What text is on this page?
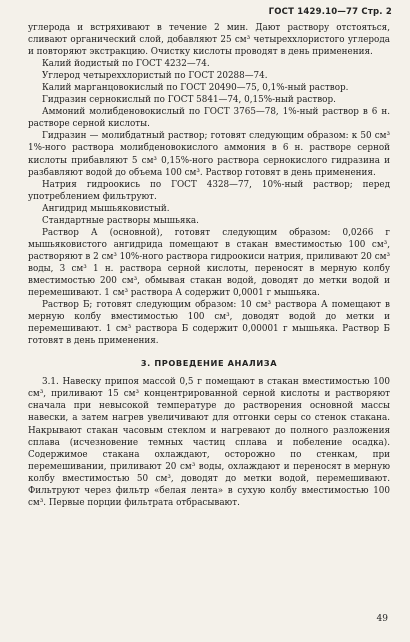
ГОСТ 1429.10—77 Стр. 2

углерода и встряхивают в течение 2 мин. Дают раствору отстояться, сливают органический слой, добавляют 25 см³ четыреххлористого углерода и повторяют экстракцию. Очистку кислоты проводят в день применения.

Калий йодистый по ГОСТ 4232—74.

Углерод четыреххлористый по ГОСТ 20288—74.

Калий марганцовокислый по ГОСТ 20490—75, 0,1%-ный раствор.

Гидразин сернокислый по ГОСТ 5841—74, 0,15%-ный раствор.

Аммоний молибденовокислый по ГОСТ 3765—78, 1%-ный раствор в 6 н. растворе серной кислоты.

Гидразин — молибдатный раствор; готовят следующим образом: к 50 см³ 1%-ного раствора молибденовокислого аммония в 6 н. растворе серной кислоты прибавляют 5 см³ 0,15%-ного раствора сернокислого гидразина и разбавляют водой до объема 100 см³. Раствор готовят в день применения.

Натрия гидроокись по ГОСТ 4328—77, 10%-ный раствор; перед употреблением фильтруют.

Ангидрид мышьяковистый.

Стандартные растворы мышьяка.

Раствор А (основной), готовят следующим образом: 0,0266 г мышьяковистого ангидрида помещают в стакан вместимостью 100 см³, растворяют в 2 см³ 10%-ного раствора гидроокиси натрия, приливают 20 см³ воды, 3 см³ 1 н. раствора серной кислоты, переносят в мерную колбу вместимостью 200 см³, обмывая стакан водой, доводят до метки водой и перемешивают. 1 см³ раствора А содержит 0,0001 г мышьяка.

Раствор Б; готовят следующим образом: 10 см³ раствора А помещают в мерную колбу вместимостью 100 см³, доводят водой до метки и перемешивают. 1 см³ раствора Б содержит 0,00001 г мышьяка. Раствор Б готовят в день применения.

3. ПРОВЕДЕНИЕ АНАЛИЗА

3.1. Навеску припоя массой 0,5 г помещают в стакан вместимостью 100 см³, приливают 15 см³ концентрированной серной кислоты и растворяют сначала при невысокой температуре до растворения основной массы навески, а затем нагрев увеличивают для отгонки серы со стенок стакана. Накрывают стакан часовым стеклом и нагревают до полного разложения сплава (исчезновение темных частиц сплава и побеление осадка). Содержимое стакана охлаждают, осторожно по стенкам, при перемешивании, приливают 20 см³ воды, охлаждают и переносят в мерную колбу вместимостью 50 см³, доводят до метки водой, перемешивают. Фильтруют через фильтр «белая лента» в сухую колбу вместимостью 100 см³. Первые порции фильтрата отбрасывают.

49
